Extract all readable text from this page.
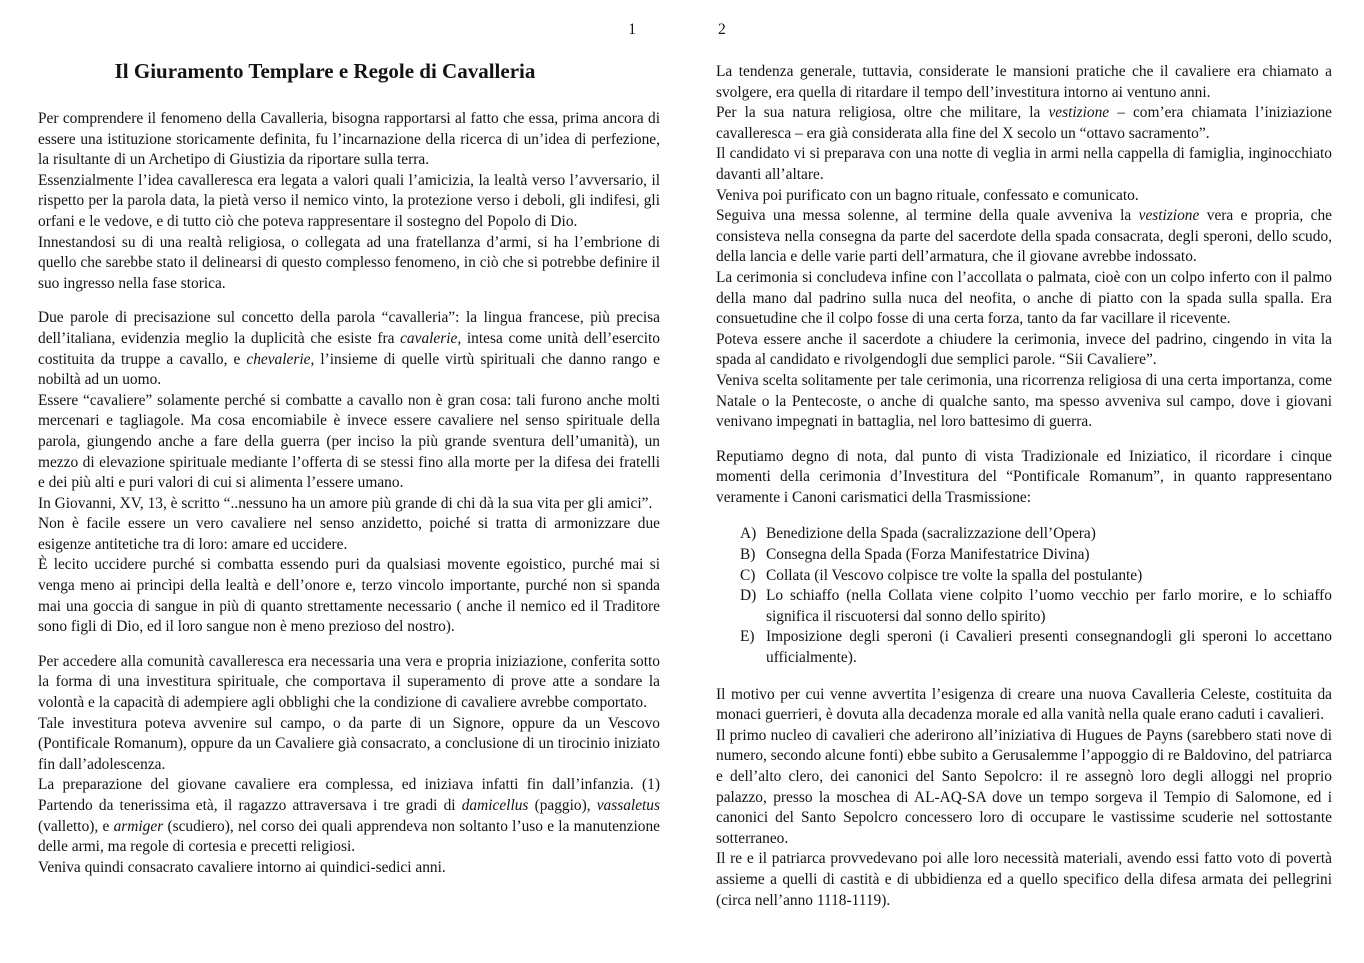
1
Il Giuramento Templare e Regole di Cavalleria

Per comprendere il fenomeno della Cavalleria, bisogna rapportarsi al fatto che essa, prima ancora di essere una istituzione storicamente definita, fu l’incarnazione della ricerca di un’idea di perfezione, la risultante di un Archetipo di Giustizia da riportare sulla terra.

Essenzialmente l’idea cavalleresca era legata a valori quali l’amicizia, la lealtà verso l’avversario, il rispetto per la parola data, la pietà verso il nemico vinto, la protezione verso i deboli, gli indifesi, gli orfani e le vedove, e di tutto ciò che poteva rappresentare il sostegno del Popolo di Dio.

Innestandosi su di una realtà religiosa, o collegata ad una fratellanza d’armi, si ha l’embrione di quello che sarebbe stato il delinearsi di questo complesso fenomeno, in ciò che si potrebbe definire il suo ingresso nella fase storica.

Due parole di precisazione sul concetto della parola “cavalleria”: la lingua francese, più precisa dell’italiana, evidenzia meglio la duplicità che esiste fra cavalerie, intesa come unità dell’esercito costituita da truppe a cavallo, e chevalerie, l’insieme di quelle virtù spirituali che danno rango e nobiltà ad un uomo.

Essere “cavaliere” solamente perché si combatte a cavallo non è gran cosa: tali furono anche molti mercenari e tagliagole. Ma cosa encomiabile è invece essere cavaliere nel senso spirituale della parola, giungendo anche a fare della guerra (per inciso la più grande sventura dell’umanità), un mezzo di elevazione spirituale mediante l’offerta di se stessi fino alla morte per la difesa dei fratelli e dei più alti e puri valori di cui si alimenta l’essere umano.

In Giovanni, XV, 13, è scritto “..nessuno ha un amore più grande di chi dà la sua vita per gli amici”.

Non è facile essere un vero cavaliere nel senso anzidetto, poiché si tratta di armonizzare due esigenze antitetiche tra di loro: amare ed uccidere.

È lecito uccidere purché si combatta essendo puri da qualsiasi movente egoistico, purché mai si venga meno ai princìpi della lealtà e dell’onore e, terzo vincolo importante, purché non si spanda mai una goccia di sangue in più di quanto strettamente necessario ( anche il nemico ed il Traditore sono figli di Dio, ed il loro sangue non è meno prezioso del nostro).

Per accedere alla comunità cavalleresca era necessaria una vera e propria iniziazione, conferita sotto la forma di una investitura spirituale, che comportava il superamento di prove atte a sondare la volontà e la capacità di adempiere agli obblighi che la condizione di cavaliere avrebbe comportato.

Tale investitura poteva avvenire sul campo, o da parte di un Signore, oppure da un Vescovo (Pontificale Romanum), oppure da un Cavaliere già consacrato, a conclusione di un tirocinio iniziato fin dall’adolescenza.

La preparazione del giovane cavaliere era complessa, ed iniziava infatti fin dall’infanzia. (1) Partendo da tenerissima età, il ragazzo attraversava i tre gradi di damicellus (paggio), vassaletus (valletto), e armiger (scudiero), nel corso dei quali apprendeva non soltanto l’uso e la manutenzione delle armi, ma regole di cortesia e precetti religiosi.

Veniva quindi consacrato cavaliere intorno ai quindici-sedici anni.

2

La tendenza generale, tuttavia, considerate le mansioni pratiche che il cavaliere era chiamato a svolgere, era quella di ritardare il tempo dell’investitura intorno ai ventuno anni.

Per la sua natura religiosa, oltre che militare, la vestizione – com’era chiamata l’iniziazione cavalleresca – era già considerata alla fine del X secolo un “ottavo sacramento”.

Il candidato vi si preparava con una notte di veglia in armi nella cappella di famiglia, inginocchiato davanti all’altare.

Veniva poi purificato con un bagno rituale, confessato e comunicato.

Seguiva una messa solenne, al termine della quale avveniva la vestizione vera e propria, che consisteva nella consegna da parte del sacerdote della spada consacrata, degli speroni, dello scudo, della lancia e delle varie parti dell’armatura, che il giovane avrebbe indossato.

La cerimonia si concludeva infine con l’accollata o palmata, cioè con un colpo inferto con il palmo della mano dal padrino sulla nuca del neofita, o anche di piatto con la spada sulla spalla. Era consuetudine che il colpo fosse di una certa forza, tanto da far vacillare il ricevente.

Poteva essere anche il sacerdote a chiudere la cerimonia, invece del padrino, cingendo in vita la spada al candidato e rivolgendogli due semplici parole. “Sii Cavaliere”.

Veniva scelta solitamente per tale cerimonia, una ricorrenza religiosa di una certa importanza, come Natale o la Pentecoste, o anche di qualche santo, ma spesso avveniva sul campo, dove i giovani venivano impegnati in battaglia, nel loro battesimo di guerra.

Reputiamo degno di nota, dal punto di vista Tradizionale ed Iniziatico, il ricordare i cinque momenti della cerimonia d’Investitura del “Pontificale Romanum”, in quanto rappresentano veramente i Canoni carismatici della Trasmissione:

A) Benedizione della Spada (sacralizzazione dell’Opera)
B) Consegna della Spada (Forza Manifestatrice Divina)
C) Collata (il Vescovo colpisce tre volte la spalla del postulante)
D) Lo schiaffo (nella Collata viene colpito l’uomo vecchio per farlo morire, e lo schiaffo significa il riscuotersi dal sonno dello spirito)
E) Imposizione degli speroni (i Cavalieri presenti consegnandogli gli speroni lo accettano ufficialmente).

Il motivo per cui venne avvertita l’esigenza di creare una nuova Cavalleria Celeste, costituita da monaci guerrieri, è dovuta alla decadenza morale ed alla vanità nella quale erano caduti i cavalieri.

Il primo nucleo di cavalieri che aderirono all’iniziativa di Hugues de Payns (sarebbero stati nove di numero, secondo alcune fonti) ebbe subito a Gerusalemme l’appoggio di re Baldovino, del patriarca e dell’alto clero, dei canonici del Santo Sepolcro: il re assegnò loro degli alloggi nel proprio palazzo, presso la moschea di AL-AQ-SA dove un tempo sorgeva il Tempio di Salomone, ed i canonici del Santo Sepolcro concessero loro di occupare le vastissime scuderie nel sottostante sotterraneo.

Il re e il patriarca provvedevano poi alle loro necessità materiali, avendo essi fatto voto di povertà assieme a quelli di castità e di ubbidienza ed a quello specifico della difesa armata dei pellegrini (circa nell’anno 1118-1119).
